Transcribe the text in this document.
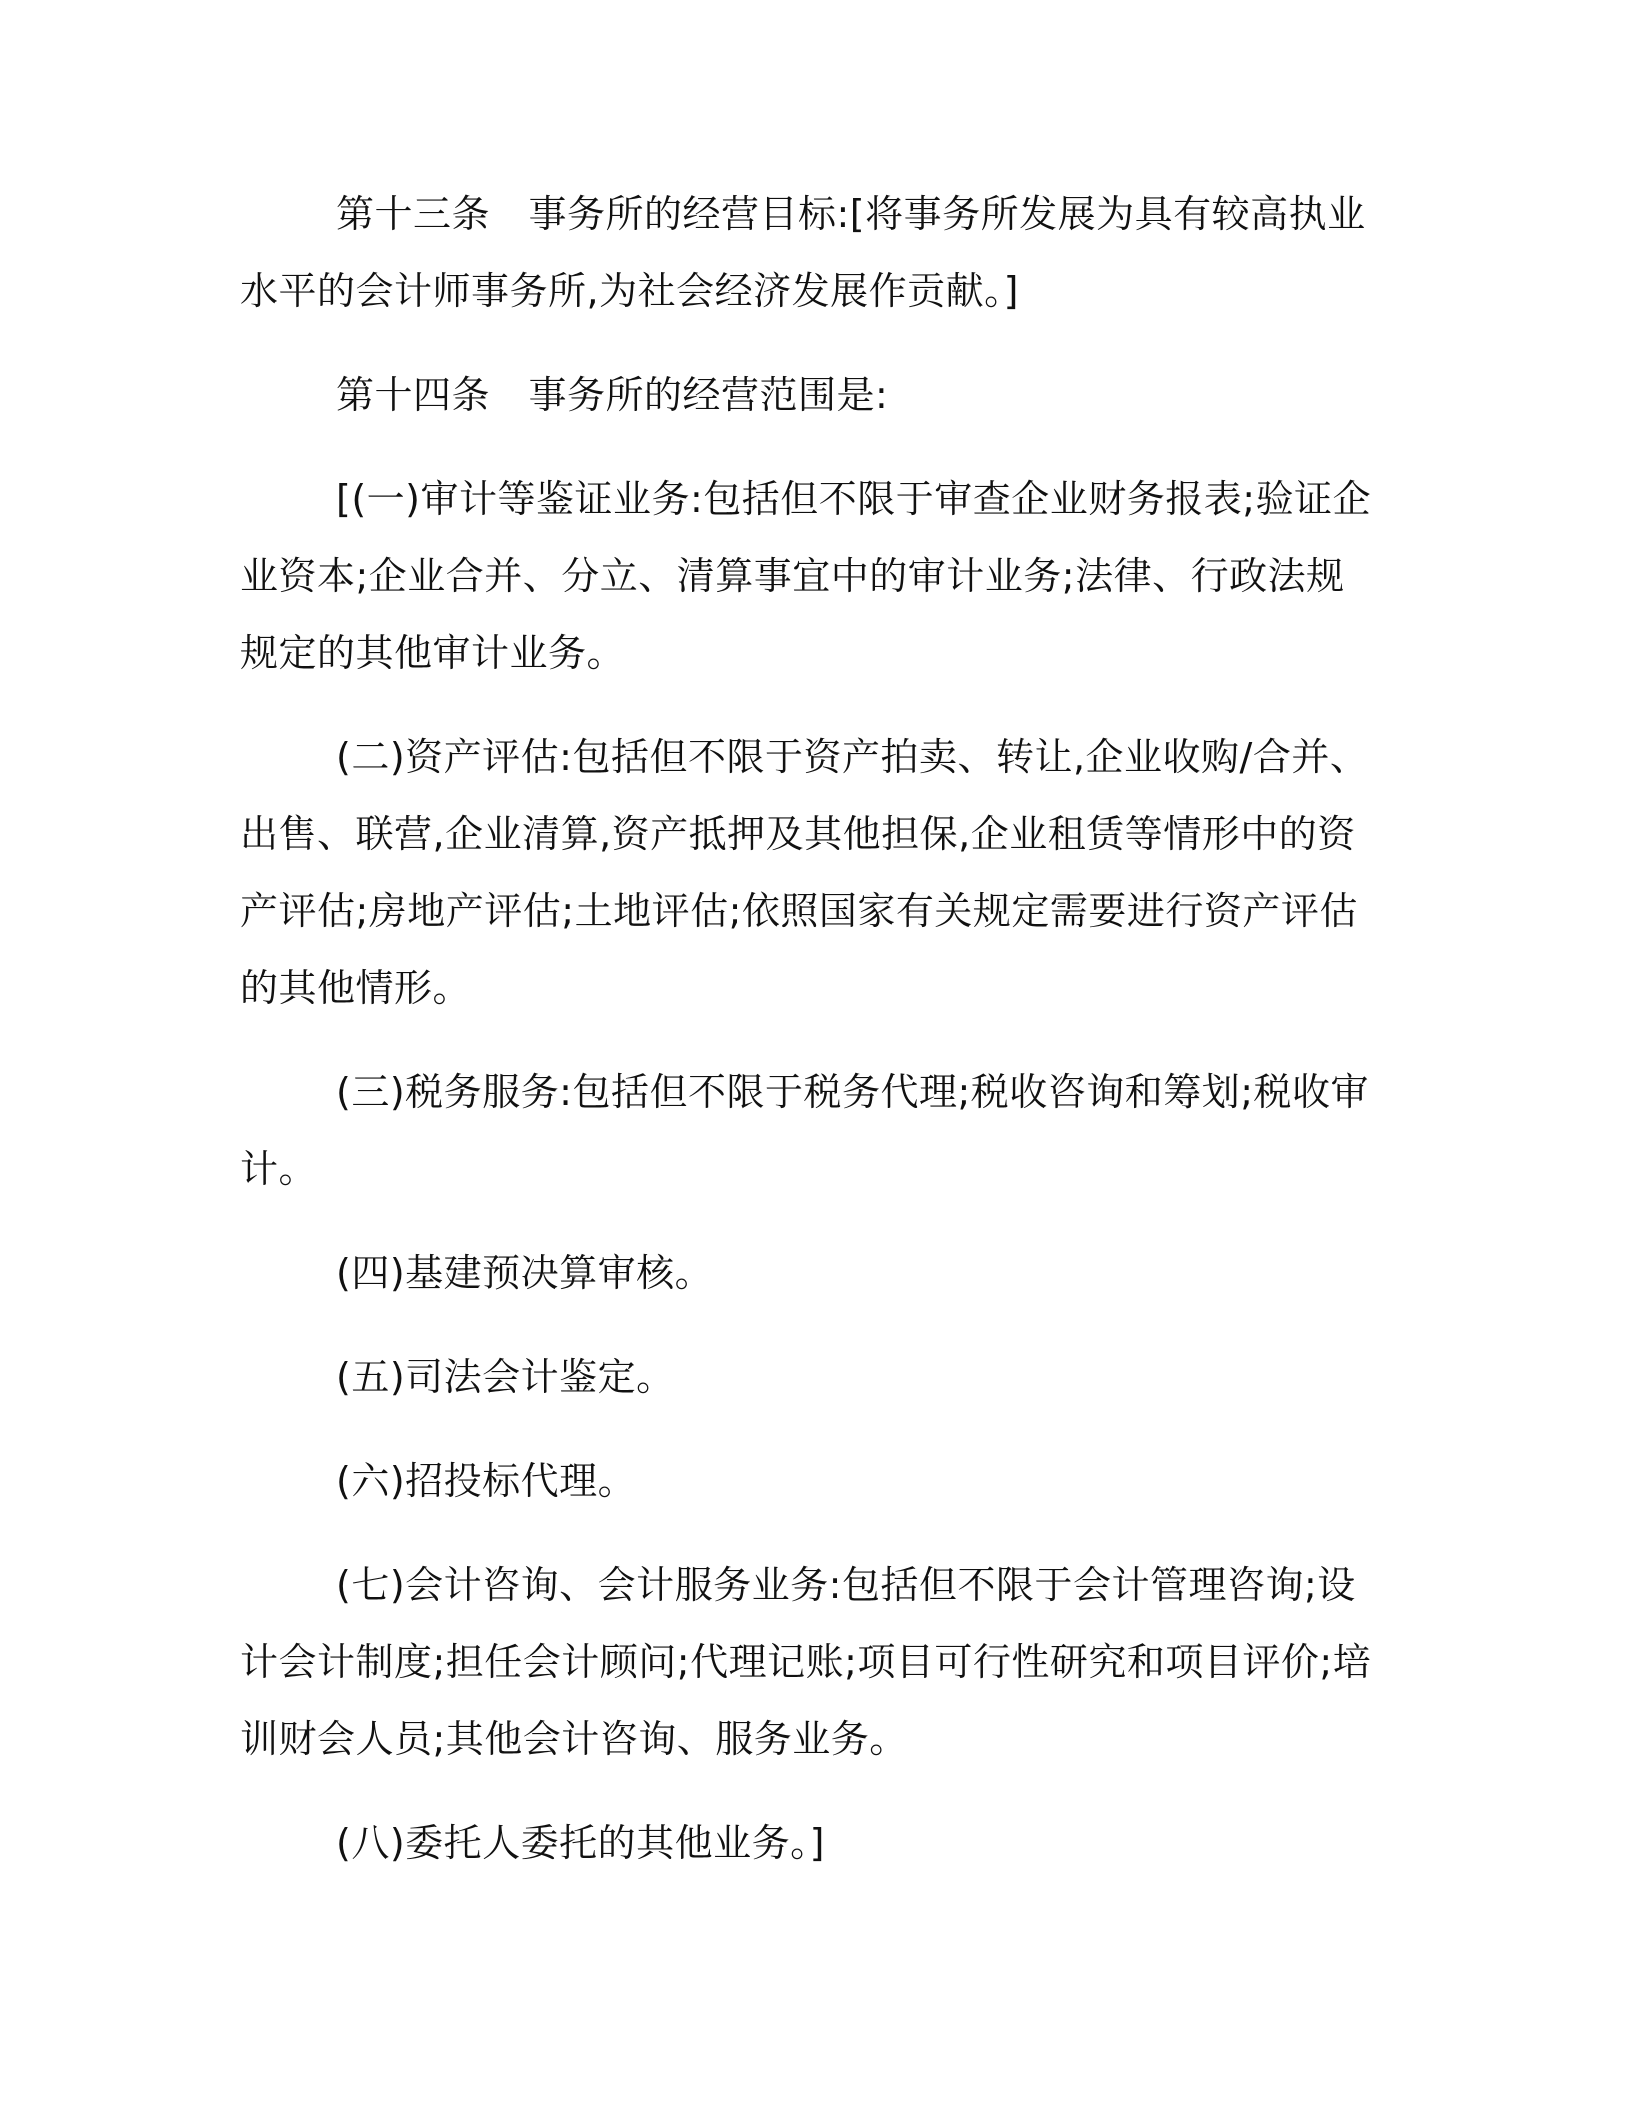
第十三条　事务所的经营目标:[将事务所发展为具有较高执业水平的会计师事务所,为社会经济发展作贡献。]

第十四条　事务所的经营范围是:

[(一)审计等鉴证业务:包括但不限于审查企业财务报表;验证企业资本;企业合并、分立、清算事宜中的审计业务;法律、行政法规规定的其他审计业务。

(二)资产评估:包括但不限于资产拍卖、转让,企业收购/合并、出售、联营,企业清算,资产抵押及其他担保,企业租赁等情形中的资产评估;房地产评估;土地评估;依照国家有关规定需要进行资产评估的其他情形。

(三)税务服务:包括但不限于税务代理;税收咨询和筹划;税收审计。

(四)基建预决算审核。

(五)司法会计鉴定。

(六)招投标代理。

(七)会计咨询、会计服务业务:包括但不限于会计管理咨询;设计会计制度;担任会计顾问;代理记账;项目可行性研究和项目评价;培训财会人员;其他会计咨询、服务业务。

(八)委托人委托的其他业务。]
